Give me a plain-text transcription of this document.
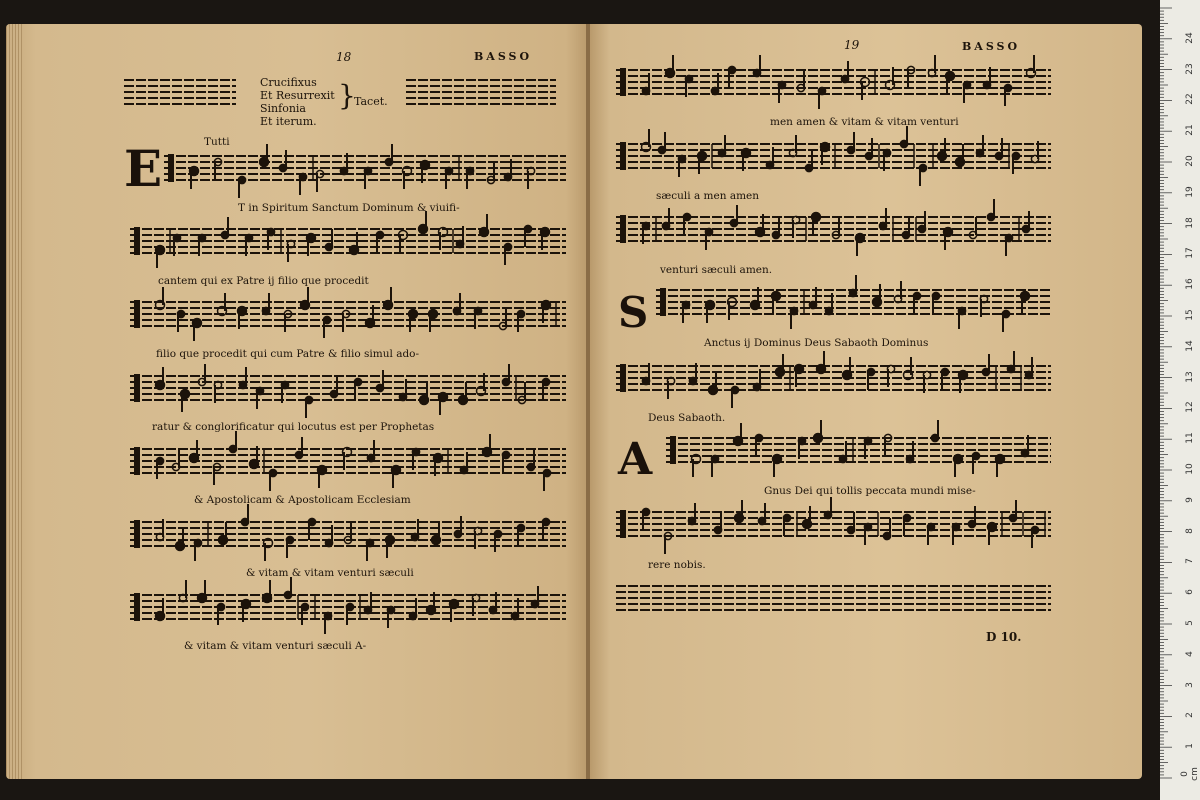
18	BASSO
Crucifixus
Et Resurrexit
Sinfonia
Et iterum.
}
Tacet.
Tutti
E
T in Spiritum Sanctum Dominum & viuifi-
cantem qui ex Patre ij filio que procedit
filio que procedit qui cum Patre & filio simul ado-
ratur & conglorificatur qui locutus est per Prophetas
& Apostolicam & Apostolicam Ecclesiam
& vitam & vitam venturi sæculi
& vitam & vitam venturi sæculi A-
19	BASSO
men amen & vitam & vitam venturi
sæculi a men amen
venturi sæculi amen.
S
Anctus ij Dominus Deus Sabaoth Dominus
Deus Sabaoth.
A
Gnus Dei qui tollis peccata mundi mise-
rere nobis.
D 10.
0 cm
1
2
3
4
5
6
7
8
9
10
11
12
13
14
15
16
17
18
19
20
21
22
23
24
